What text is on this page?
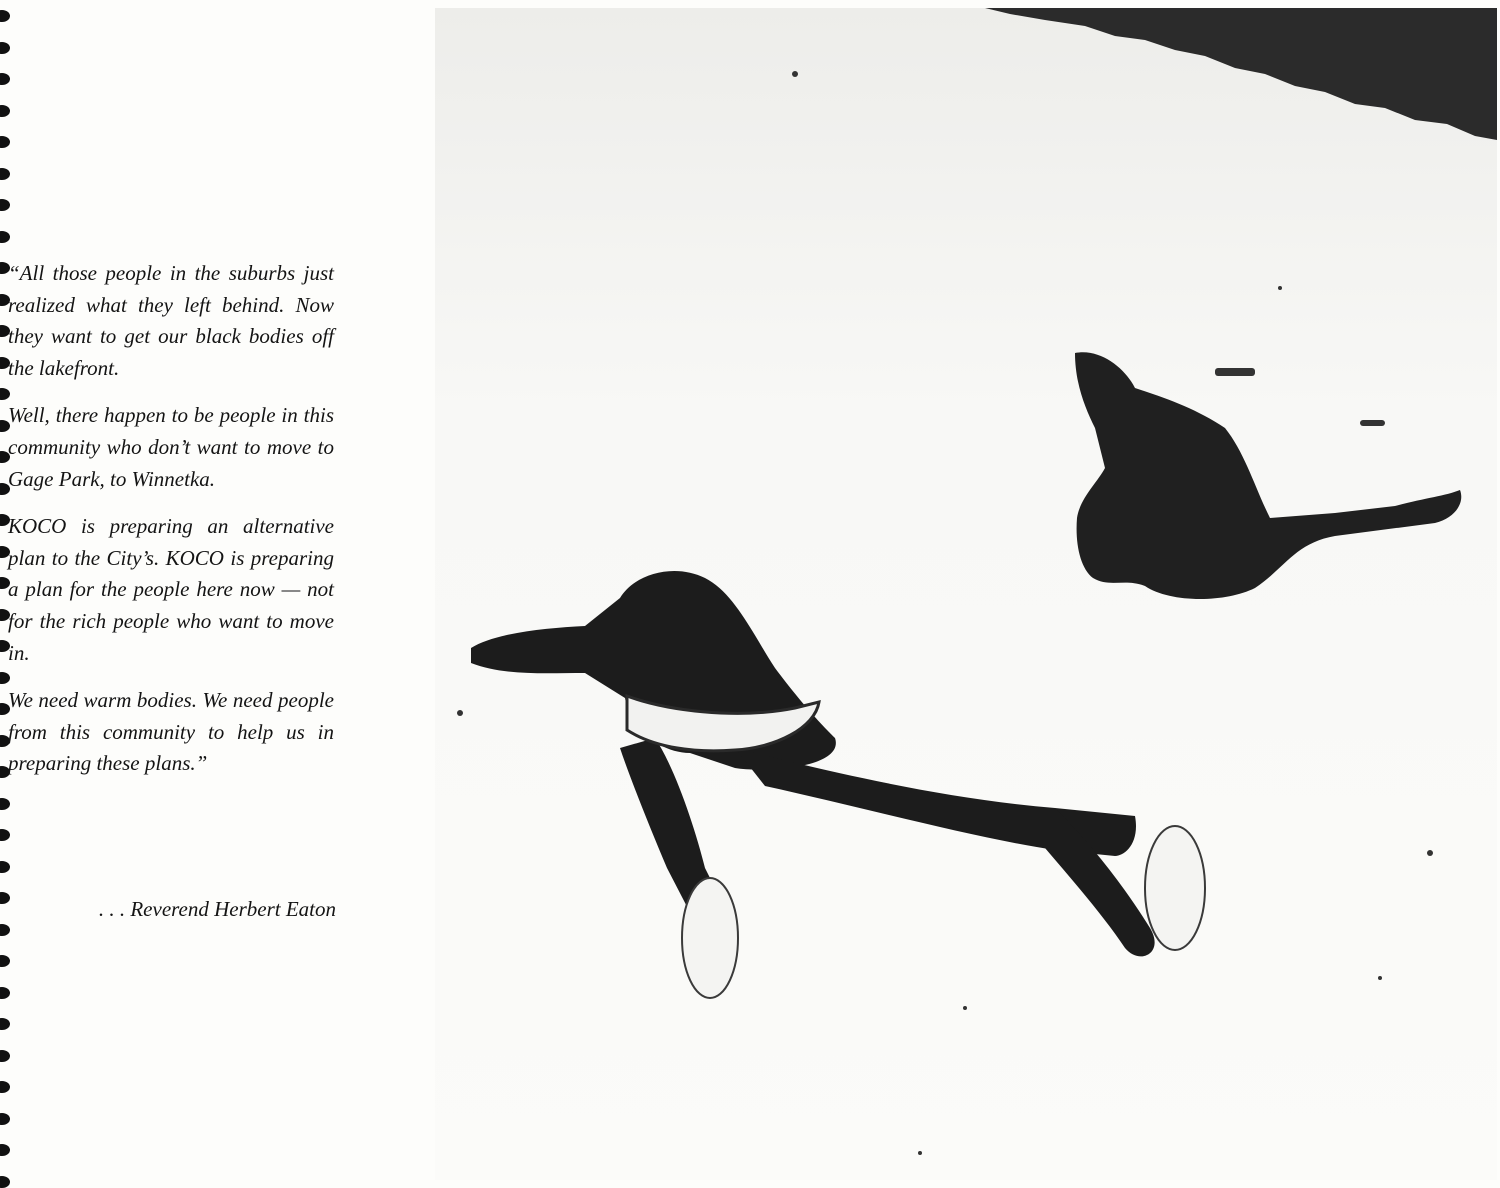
“All those people in the suburbs just realized what they left behind. Now they want to get our black bodies off the lakefront.

Well, there happen to be people in this community who don’t want to move to Gage Park, to Winnetka.

KOCO is preparing an alternative plan to the City’s. KOCO is preparing a plan for the people here now — not for the rich people who want to move in.

We need warm bodies. We need people from this community to help us in preparing these plans.”

. . . Reverend Herbert Eaton
